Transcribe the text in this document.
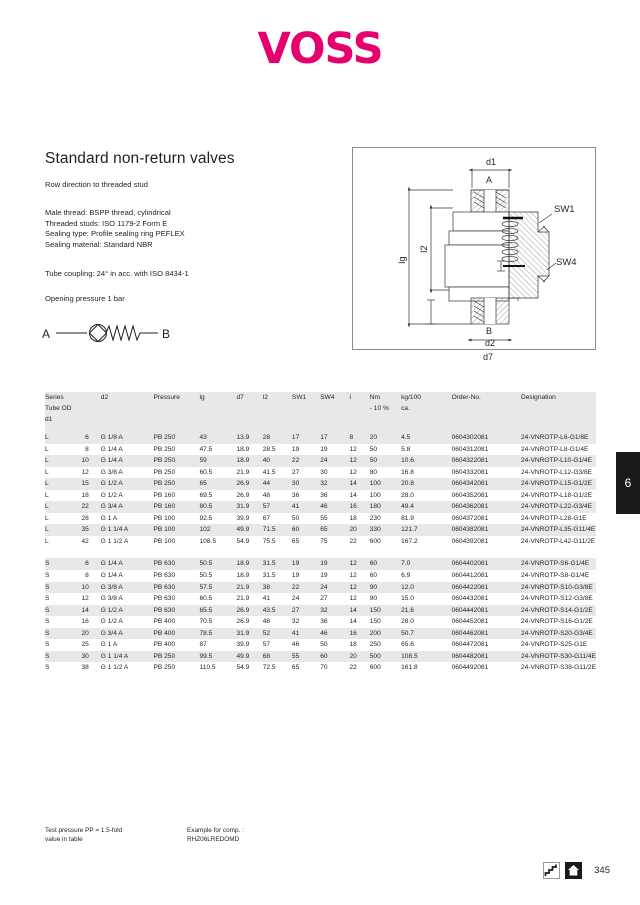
VOSS
Standard non-return valves
Row direction to threaded stud
Male thread: BSPP thread, cylindrical
Threaded studs: ISO 1179-2 Form E
Sealing type: Profile sealing ring PEFLEX
Sealing material: Standard NBR
Tube coupling: 24° in acc. with ISO 8434-1
Opening pressure 1 bar
A	B
d1
A
lg
l2
SW1
SW4
B
d2
d7
6
Series		d2	Pressure	lg	d7	l2	SW1	SW4	i	Nm	kg/100	Order-No.	Designation
Tube OD										- 10 %	ca.		
d1													

L	6	G 1/8 A	PB 250	43	13.9	28	17	17	8	20	4.5	0604302081	24-VNROTP-L6-G1/8E
L	8	G 1/4 A	PB 250	47.5	18.9	28.5	19	19	12	50	5.8	0604312081	24-VNROTP-L8-G1/4E
L	10	G 1/4 A	PB 250	59	18.9	40	22	24	12	50	10.6	0604322081	24-VNROTP-L10-G1/4E
L	12	G 3/8 A	PB 250	60.5	21.9	41.5	27	30	12	80	16.8	0604332081	24-VNROTP-L12-G3/8E
L	15	G 1/2 A	PB 250	65	26.9	44	30	32	14	100	20.8	0604342081	24-VNROTP-L15-G1/2E
L	18	G 1/2 A	PB 160	69.5	26.9	48	36	36	14	100	28.0	0604352081	24-VNROTP-L18-G1/2E
L	22	G 3/4 A	PB 160	80.5	31.9	57	41	46	16	180	49.4	0604362081	24-VNROTP-L22-G3/4E
L	28	G 1 A	PB 100	92.5	39.9	67	50	55	18	230	81.9	0604372081	24-VNROTP-L28-G1E
L	35	G 1 1/4 A	PB 100	102	49.9	71.5	60	65	20	330	121.7	0604382081	24-VNROTP-L35-G11/4E
L	42	G 1 1/2 A	PB 100	108.5	54.9	75.5	65	75	22	600	167.2	0604392081	24-VNROTP-L42-G11/2E

S	6	G 1/4 A	PB 630	50.5	18.9	31.5	19	19	12	60	7.0	0604402081	24-VNROTP-S6-G1/4E
S	8	G 1/4 A	PB 630	50.5	18.9	31.5	19	19	12	60	6.9	0604412081	24-VNROTP-S8-G1/4E
S	10	G 3/8 A	PB 630	57.5	21.9	38	22	24	12	90	12.0	0604422081	24-VNROTP-S10-G3/8E
S	12	G 3/8 A	PB 630	60.5	21.9	41	24	27	12	90	15.0	0604432081	24-VNROTP-S12-G3/8E
S	14	G 1/2 A	PB 630	65.5	26.9	43.5	27	32	14	150	21.6	0604442081	24-VNROTP-S14-G1/2E
S	16	G 1/2 A	PB 400	70.5	26.9	48	32	36	14	150	28.0	0604452081	24-VNROTP-S16-G1/2E
S	20	G 3/4 A	PB 400	78.5	31.9	52	41	46	16	200	50.7	0604462081	24-VNROTP-S20-G3/4E
S	25	G 1 A	PB 400	87	39.9	57	46	50	18	250	65.6	0604472081	24-VNROTP-S25-G1E
S	30	G 1 1/4 A	PB 250	99.5	49.9	68	55	60	20	500	108.5	0604482081	24-VNROTP-S30-G11/4E
S	38	G 1 1/2 A	PB 250	110.5	54.9	72.5	65	70	22	600	161.8	0604492081	24-VNROTP-S38-G11/2E
Test pressure PP = 1.5-fold
value in table
Example for comp. :
RHZ06LREDOMD
345
